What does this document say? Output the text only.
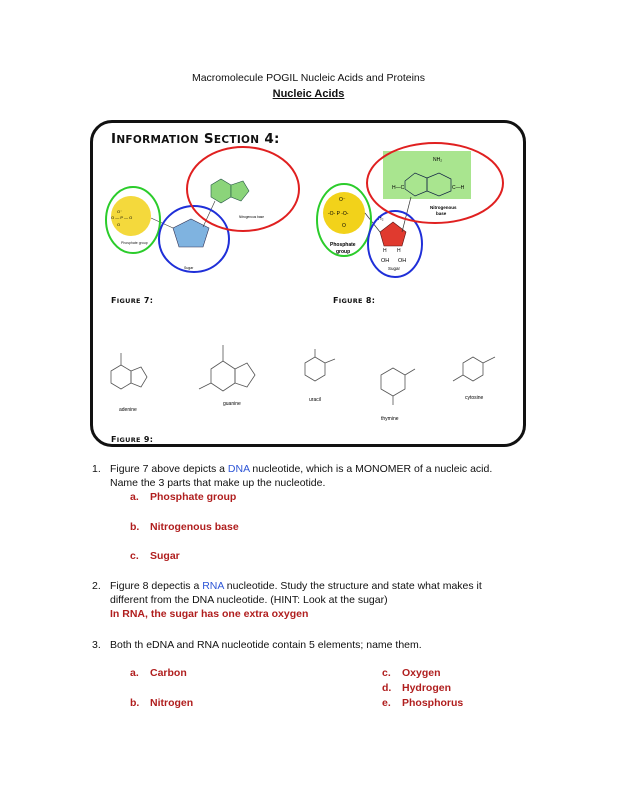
Macromolecule POGIL Nucleic Acids and Proteins
Nucleic Acids
INFORMATION SECTION 4:
O⁻
O — P — O
O
Phosphate group
Sugar
Nitrogenous base
O⁻
-O- P -O-
O
Phosphate
group
H₂
H H
OH OH
Sugar
NH₂
H—C	C—H
Nitrogenous
base
adenine
guanine
uracil
thymine
cytosine
FIGURE 7:	FIGURE 8:
FIGURE 9:
1. Figure 7 above depicts a DNA nucleotide, which is a MONOMER of a nucleic acid.
Name the 3 parts that make up the nucleotide.
a. Phosphate group
b. Nitrogenous base
c. Sugar
2. Figure 8 depectis a RNA nucleotide. Study the structure and state what makes it
different from the DNA nucleotide. (HINT: Look at the sugar)
In RNA, the sugar has one extra oxygen
3. Both th eDNA and RNA nucleotide contain 5 elements; name them.
a. Carbon
b. Nitrogen
c. Oxygen
d. Hydrogen
e. Phosphorus
